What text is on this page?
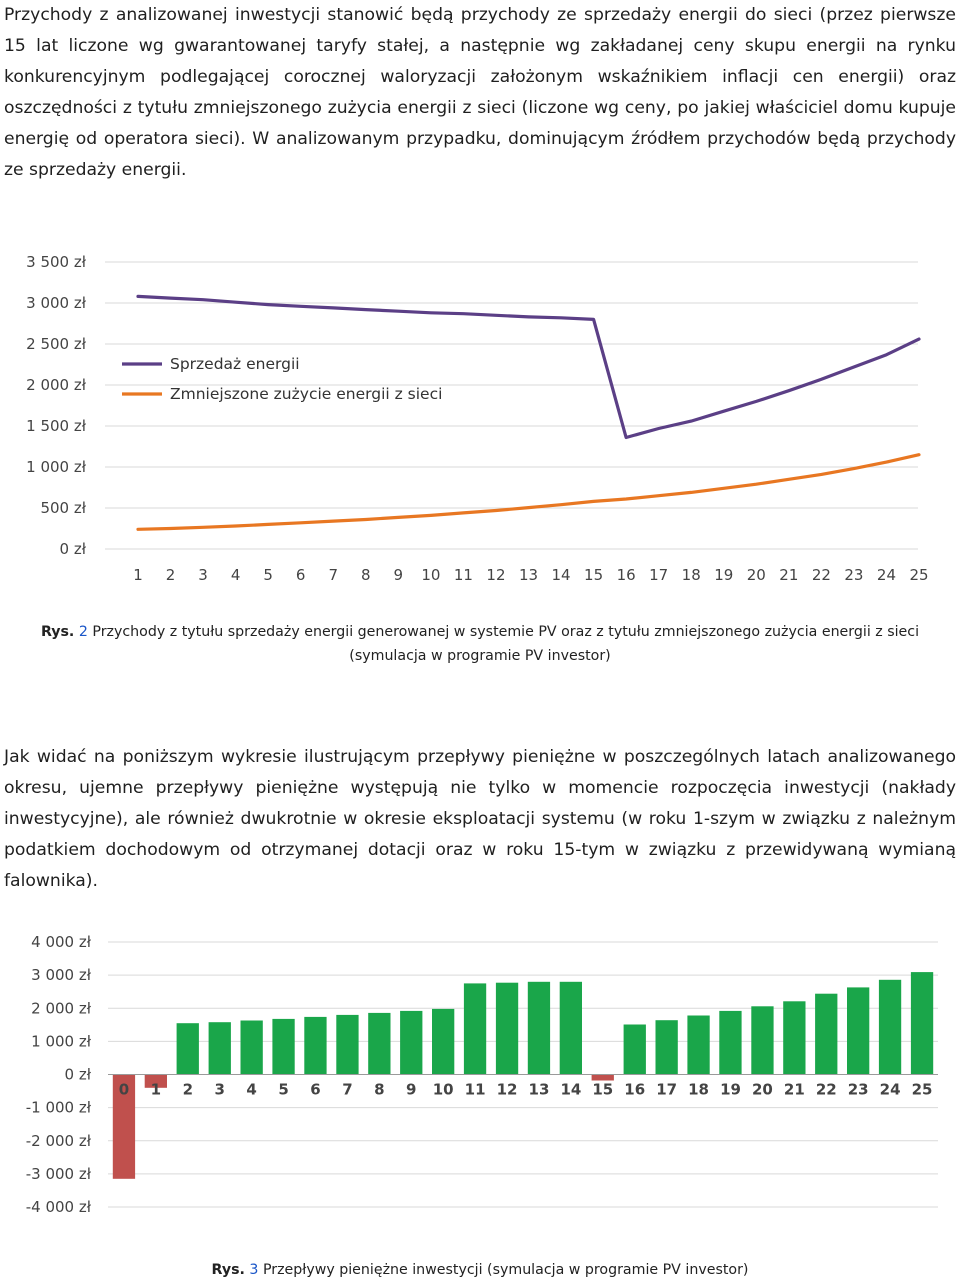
Przychody z analizowanej inwestycji stanowić będą przychody ze sprzedaży energii do sieci (przez pierwsze 15 lat liczone wg gwarantowanej taryfy stałej, a następnie wg zakładanej ceny skupu energii na rynku konkurencyjnym podlegającej corocznej waloryzacji założonym wskaźnikiem inflacji cen energii) oraz oszczędności z tytułu zmniejszonego zużycia energii z sieci (liczone wg ceny, po jakiej właściciel domu kupuje energię od operatora sieci). W analizowanym przypadku, dominującym źródłem przychodów będą przychody ze sprzedaży energii.
0 zł
500 zł
1 000 zł
1 500 zł
2 000 zł
2 500 zł
3 000 zł
3 500 zł
1 2 3 4 5 6 7 8 9 10 11 12 13 14 15 16 17 18 19 20 21 22 23 24 25
Sprzedaż energii
Zmniejszone zużycie energii z sieci
Rys. 2 Przychody z tytułu sprzedaży energii generowanej w systemie PV oraz z tytułu zmniejszonego zużycia energii z sieci
(symulacja w programie PV investor)
Jak widać na poniższym wykresie ilustrującym przepływy pieniężne w poszczególnych latach analizowanego okresu, ujemne przepływy pieniężne występują nie tylko w momencie rozpoczęcia inwestycji (nakłady inwestycyjne), ale również dwukrotnie w okresie eksploatacji systemu (w roku 1-szym w związku z należnym podatkiem dochodowym od otrzymanej dotacji oraz w roku 15-tym w związku z przewidywaną wymianą falownika).
-4 000 zł
-3 000 zł
-2 000 zł
-1 000 zł
0 zł
1 000 zł
2 000 zł
3 000 zł
4 000 zł
0 1 2 3 4 5 6 7 8 9 10 11 12 13 14 15 16 17 18 19 20 21 22 23 24 25
Rys. 3 Przepływy pieniężne inwestycji (symulacja w programie PV investor)
